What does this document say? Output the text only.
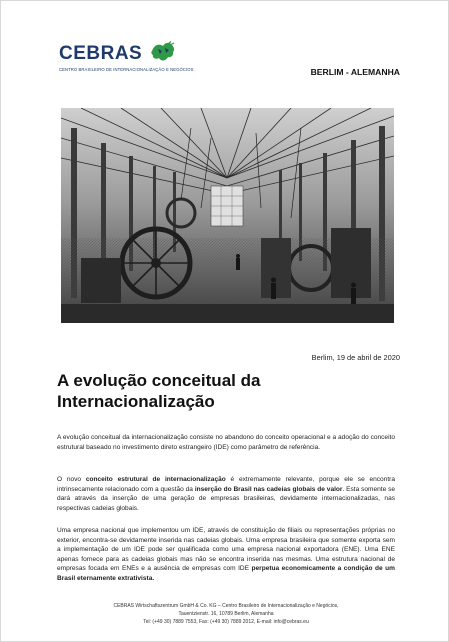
CEBRAS
CENTRO BRASILEIRO DE INTERNACIONALIZAÇÃO E NEGÓCIOS	BERLIM - ALEMANHA
Berlim, 19 de abril de 2020
A evolução conceitual da
Internacionalização

A evolução conceitual da internacionalização consiste no abandono do conceito operacional e a adoção do conceito estrutural baseado no investimento direto estrangeiro (IDE) como parâmetro de referência.

O novo conceito estrutural de internacionalização é extremamente relevante, porque ele se encontra intrinsecamente relacionado com a questão da inserção do Brasil nas cadeias globais de valor. Esta somente se dará através da inserção de uma geração de empresas brasileiras, devidamente internacionalizadas, nas respectivas cadeias globais.

Uma empresa nacional que implementou um IDE, através de constituição de filiais ou representações próprias no exterior, encontra-se devidamente inserida nas cadeias globais. Uma empresa brasileira que somente exporta sem a implementação de um IDE pode ser qualificada como uma empresa nacional exportadora (ENE). Uma ENE apenas fornece para as cadeias globais mas não se encontra inserida nas mesmas. Uma estrutura nacional de empresas focada em ENEs e a ausência de empresas com IDE perpetua economicamente a condição de um Brasil eternamente extrativista.

CEBRAS Wirtschaftszentrum GmbH & Co. KG – Centro Brasileiro de Internacionalização e Negócios,
Tauentzienstr. 16, 10789 Berlim, Alemanha
Tel: (+49 30) 7889 7553, Fax: (+49 30) 7889 2012, E-mail: info@cebras.eu
